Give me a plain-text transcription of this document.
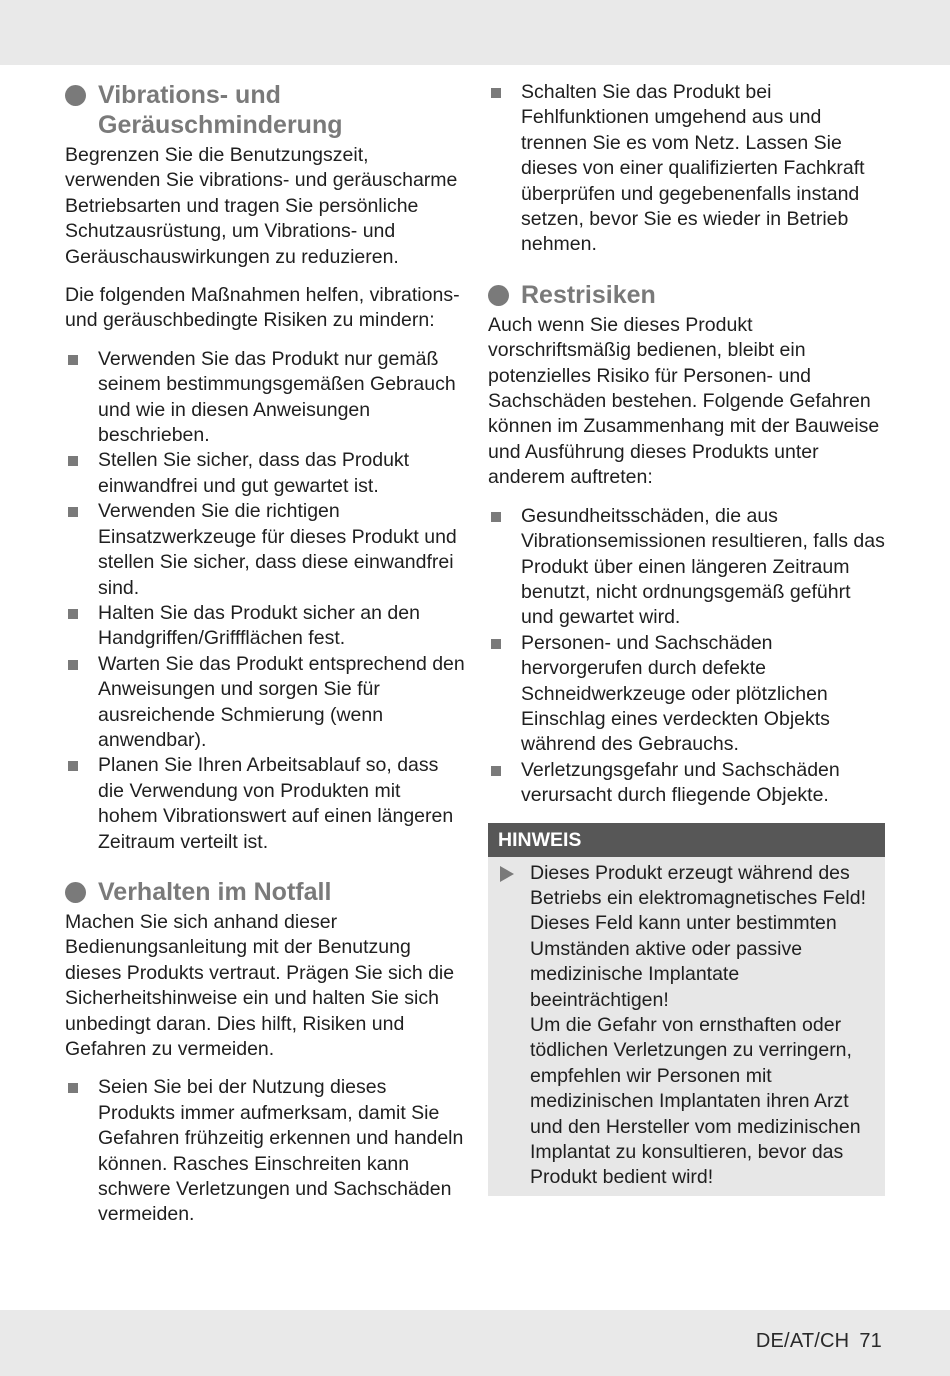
Vibrations- und
Geräuschminderung

Begrenzen Sie die Benutzungszeit, verwenden Sie vibrations- und geräuscharme Betriebsarten und tragen Sie persönliche Schutzausrüstung, um Vibrations- und Geräuschauswirkungen zu reduzieren.

Die folgenden Maßnahmen helfen, vibrations- und geräuschbedingte Risiken zu mindern:

Verwenden Sie das Produkt nur gemäß seinem bestimmungsgemäßen Gebrauch und wie in diesen Anweisungen beschrieben.
Stellen Sie sicher, dass das Produkt einwandfrei und gut gewartet ist.
Verwenden Sie die richtigen Einsatzwerkzeuge für dieses Produkt und stellen Sie sicher, dass diese einwandfrei sind.
Halten Sie das Produkt sicher an den Handgriffen/Griffflächen fest.
Warten Sie das Produkt entsprechend den Anweisungen und sorgen Sie für ausreichende Schmierung (wenn anwendbar).
Planen Sie Ihren Arbeitsablauf so, dass die Verwendung von Produkten mit hohem Vibrationswert auf einen längeren Zeitraum verteilt ist.
Verhalten im Notfall

Machen Sie sich anhand dieser Bedienungsanleitung mit der Benutzung dieses Produkts vertraut. Prägen Sie sich die Sicherheitshinweise ein und halten Sie sich unbedingt daran. Dies hilft, Risiken und Gefahren zu vermeiden.

Seien Sie bei der Nutzung dieses Produkts immer aufmerksam, damit Sie Gefahren frühzeitig erkennen und handeln können. Rasches Einschreiten kann schwere Verletzungen und Sachschäden vermeiden.
Schalten Sie das Produkt bei Fehlfunktionen umgehend aus und trennen Sie es vom Netz. Lassen Sie dieses von einer qualifizierten Fachkraft überprüfen und gegebenenfalls instand setzen, bevor Sie es wieder in Betrieb nehmen.
Restrisiken

Auch wenn Sie dieses Produkt vorschriftsmäßig bedienen, bleibt ein potenzielles Risiko für Personen- und Sachschäden bestehen. Folgende Gefahren können im Zusammenhang mit der Bauweise und Ausführung dieses Produkts unter anderem auftreten:

Gesundheitsschäden, die aus Vibrationsemissionen resultieren, falls das Produkt über einen längeren Zeitraum benutzt, nicht ordnungsgemäß geführt und gewartet wird.
Personen- und Sachschäden hervorgerufen durch defekte Schneidwerkzeuge oder plötzlichen Einschlag eines verdeckten Objekts während des Gebrauchs.
Verletzungsgefahr und Sachschäden verursacht durch fliegende Objekte.
HINWEIS

Dieses Produkt erzeugt während des Betriebs ein elektromagnetisches Feld! Dieses Feld kann unter bestimmten Umständen aktive oder passive medizinische Implantate beeinträchtigen!

Um die Gefahr von ernsthaften oder tödlichen Verletzungen zu verringern, empfehlen wir Personen mit medizinischen Implantaten ihren Arzt und den Hersteller vom medizinischen Implantat zu konsultieren, bevor das Produkt bedient wird!

DE/AT/CH 71
